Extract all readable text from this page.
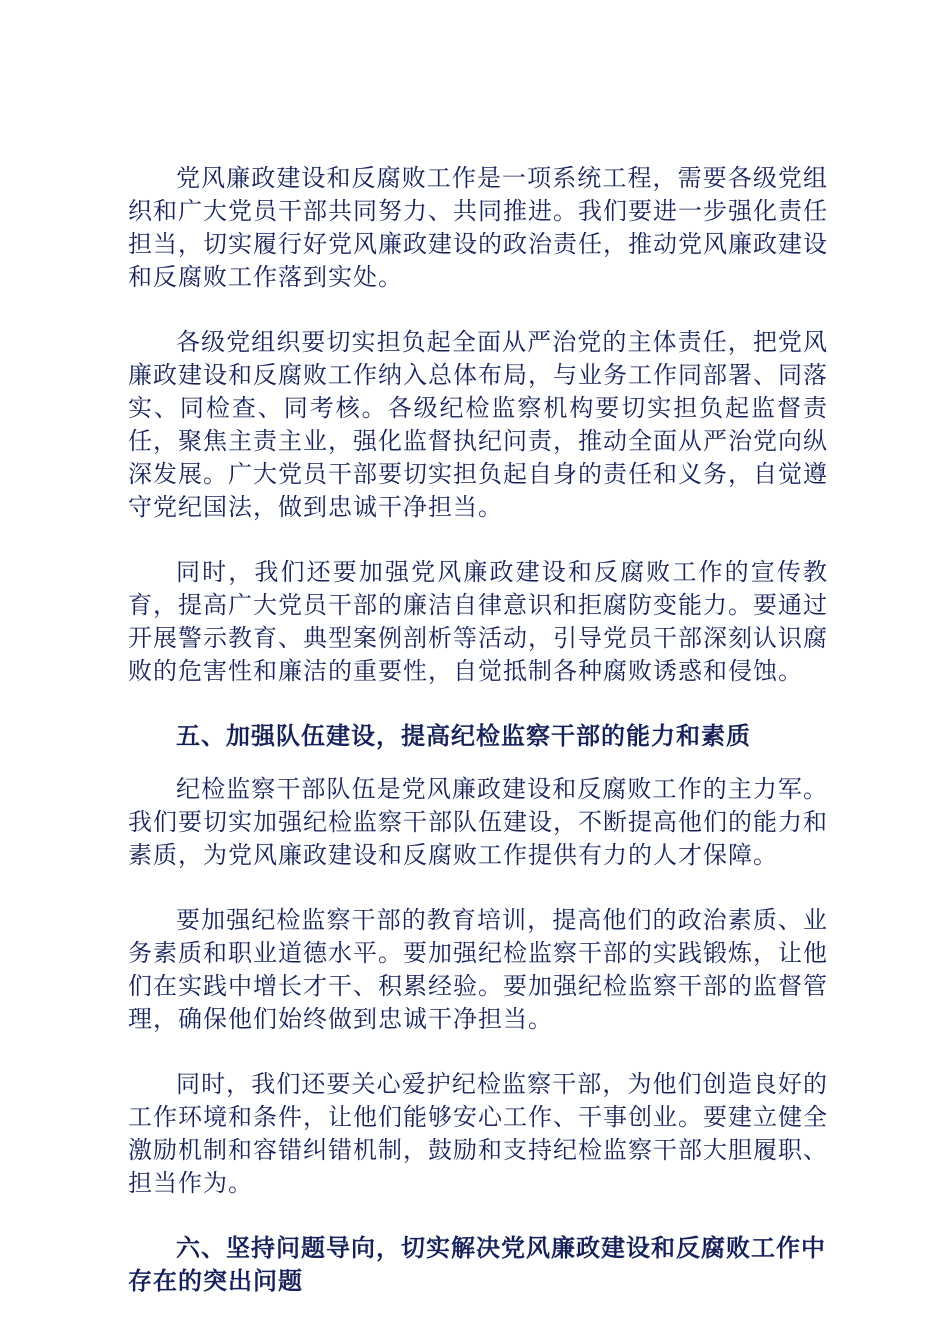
党风廉政建设和反腐败工作是一项系统工程，需要各级党组织和广大党员干部共同努力、共同推进。我们要进一步强化责任担当，切实履行好党风廉政建设的政治责任，推动党风廉政建设和反腐败工作落到实处。

各级党组织要切实担负起全面从严治党的主体责任，把党风廉政建设和反腐败工作纳入总体布局，与业务工作同部署、同落实、同检查、同考核。各级纪检监察机构要切实担负起监督责任，聚焦主责主业，强化监督执纪问责，推动全面从严治党向纵深发展。广大党员干部要切实担负起自身的责任和义务，自觉遵守党纪国法，做到忠诚干净担当。

同时，我们还要加强党风廉政建设和反腐败工作的宣传教育，提高广大党员干部的廉洁自律意识和拒腐防变能力。要通过开展警示教育、典型案例剖析等活动，引导党员干部深刻认识腐败的危害性和廉洁的重要性，自觉抵制各种腐败诱惑和侵蚀。

五、加强队伍建设，提高纪检监察干部的能力和素质

纪检监察干部队伍是党风廉政建设和反腐败工作的主力军。我们要切实加强纪检监察干部队伍建设，不断提高他们的能力和素质，为党风廉政建设和反腐败工作提供有力的人才保障。

要加强纪检监察干部的教育培训，提高他们的政治素质、业务素质和职业道德水平。要加强纪检监察干部的实践锻炼，让他们在实践中增长才干、积累经验。要加强纪检监察干部的监督管理，确保他们始终做到忠诚干净担当。

同时，我们还要关心爱护纪检监察干部，为他们创造良好的工作环境和条件，让他们能够安心工作、干事创业。要建立健全激励机制和容错纠错机制，鼓励和支持纪检监察干部大胆履职、担当作为。

六、坚持问题导向，切实解决党风廉政建设和反腐败工作中存在的突出问题
